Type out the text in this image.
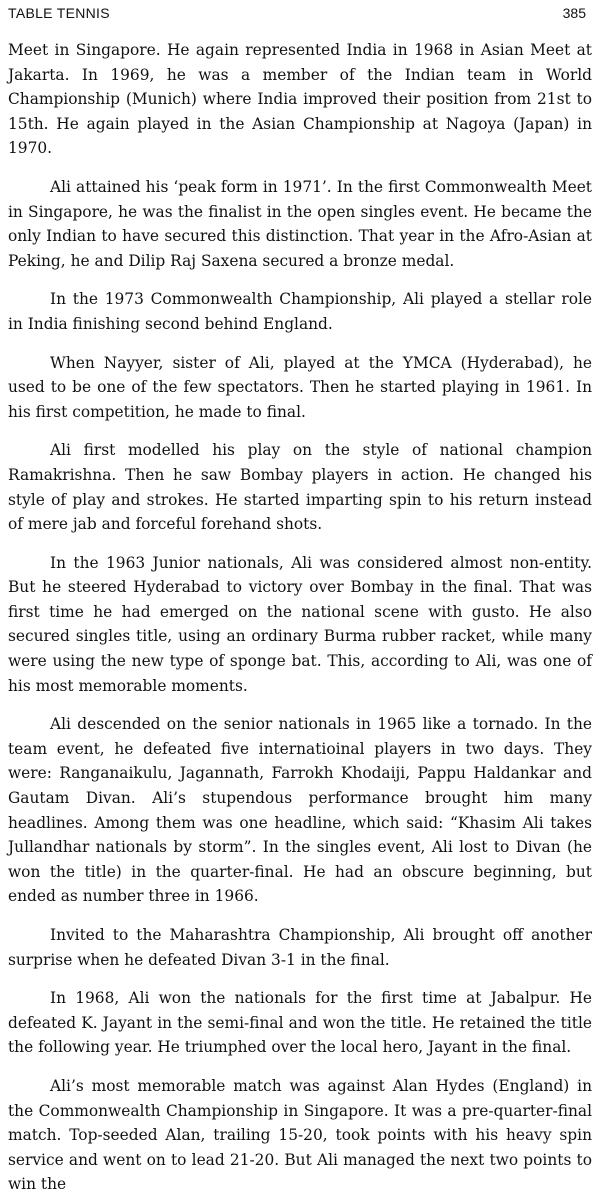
TABLE TENNIS	385

Meet in Singapore. He again represented India in 1968 in Asian Meet at Jakarta. In 1969, he was a member of the Indian team in World Championship (Munich) where India improved their position from 21st to 15th. He again played in the Asian Championship at Nagoya (Japan) in 1970.

Ali attained his ‘peak form in 1971’. In the first Commonwealth Meet in Singapore, he was the finalist in the open singles event. He became the only Indian to have secured this distinction. That year in the Afro-Asian at Peking, he and Dilip Raj Saxena secured a bronze medal.

In the 1973 Commonwealth Championship, Ali played a stellar role in India finishing second behind England.

When Nayyer, sister of Ali, played at the YMCA (Hyderabad), he used to be one of the few spectators. Then he started playing in 1961. In his first competition, he made to final.

Ali first modelled his play on the style of national champion Ramakrishna. Then he saw Bombay players in action. He changed his style of play and strokes. He started imparting spin to his return instead of mere jab and forceful forehand shots.

In the 1963 Junior nationals, Ali was considered almost non-entity. But he steered Hyderabad to victory over Bombay in the final. That was first time he had emerged on the national scene with gusto. He also secured singles title, using an ordinary Burma rubber racket, while many were using the new type of sponge bat. This, according to Ali, was one of his most memorable moments.

Ali descended on the senior nationals in 1965 like a tornado. In the team event, he defeated five internatioinal players in two days. They were: Ranganaikulu, Jagannath, Farrokh Khodaiji, Pappu Haldankar and Gautam Divan. Ali’s stupendous performance brought him many headlines. Among them was one headline, which said: “Khasim Ali takes Jullandhar nationals by storm”. In the singles event, Ali lost to Divan (he won the title) in the quarter-final. He had an obscure beginning, but ended as number three in 1966.

Invited to the Maharashtra Championship, Ali brought off another surprise when he defeated Divan 3-1 in the final.

In 1968, Ali won the nationals for the first time at Jabalpur. He defeated K. Jayant in the semi-final and won the title. He retained the title the following year. He triumphed over the local hero, Jayant in the final.

Ali’s most memorable match was against Alan Hydes (England) in the Commonwealth Championship in Singapore. It was a pre-quarter-final match. Top-seeded Alan, trailing 15-20, took points with his heavy spin service and went on to lead 21-20. But Ali managed the next two points to win the
